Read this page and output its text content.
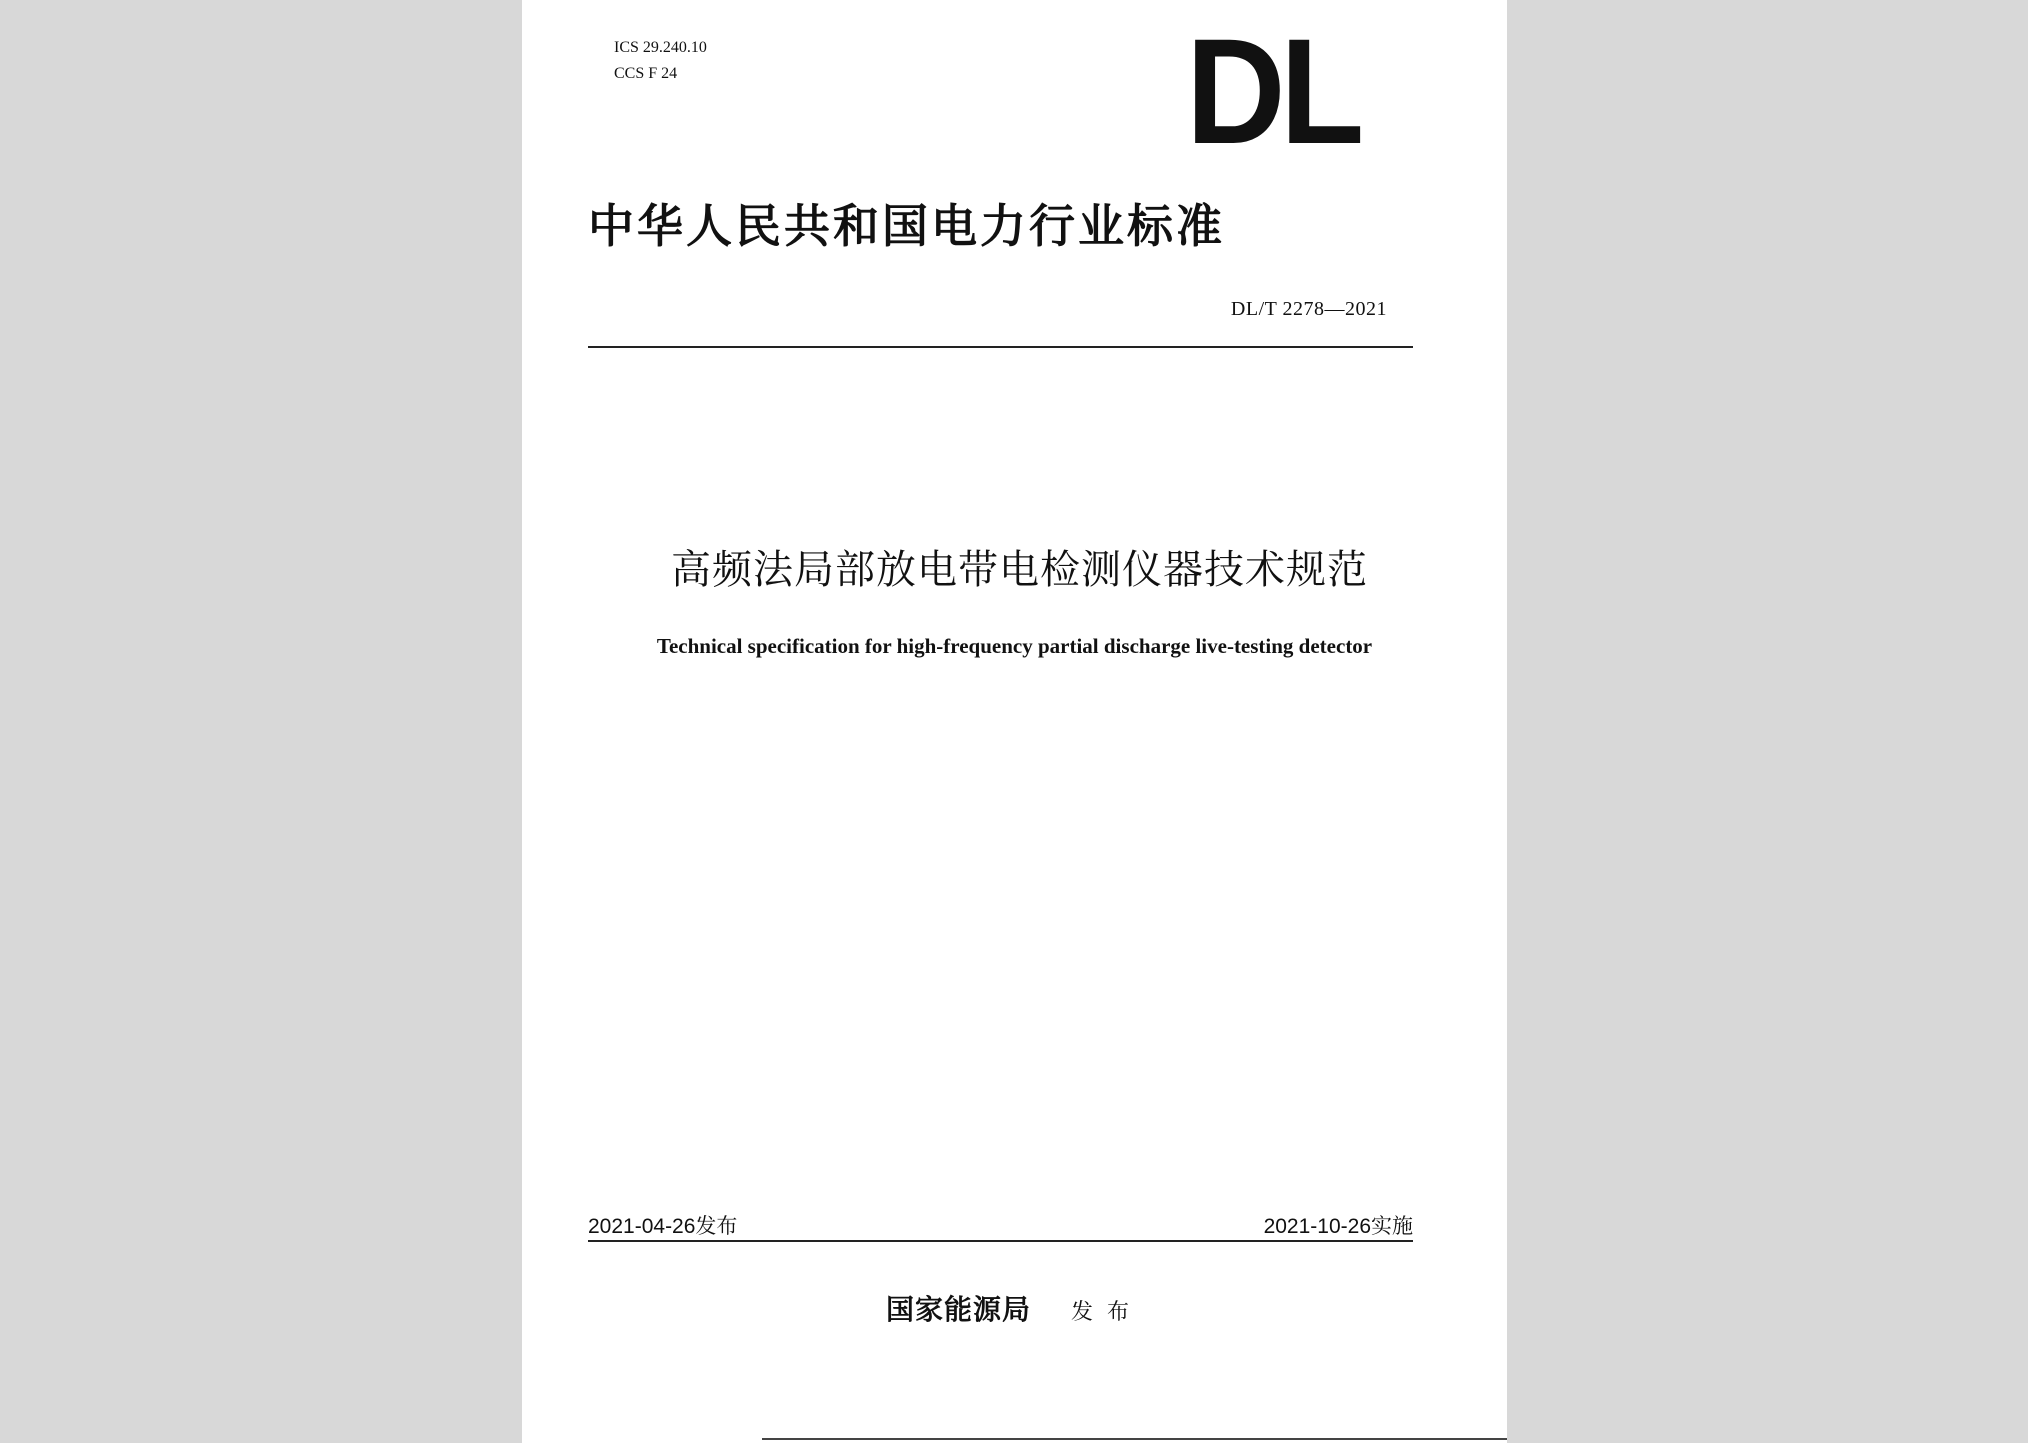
ICS 29.240.10
CCS F 24	DL
中华人民共和国电力行业标准
DL/T 2278—2021
高频法局部放电带电检测仪器技术规范
Technical specification for high-frequency partial discharge live-testing detector
2021-04-26发布	2021-10-26实施
国家能源局 发布
